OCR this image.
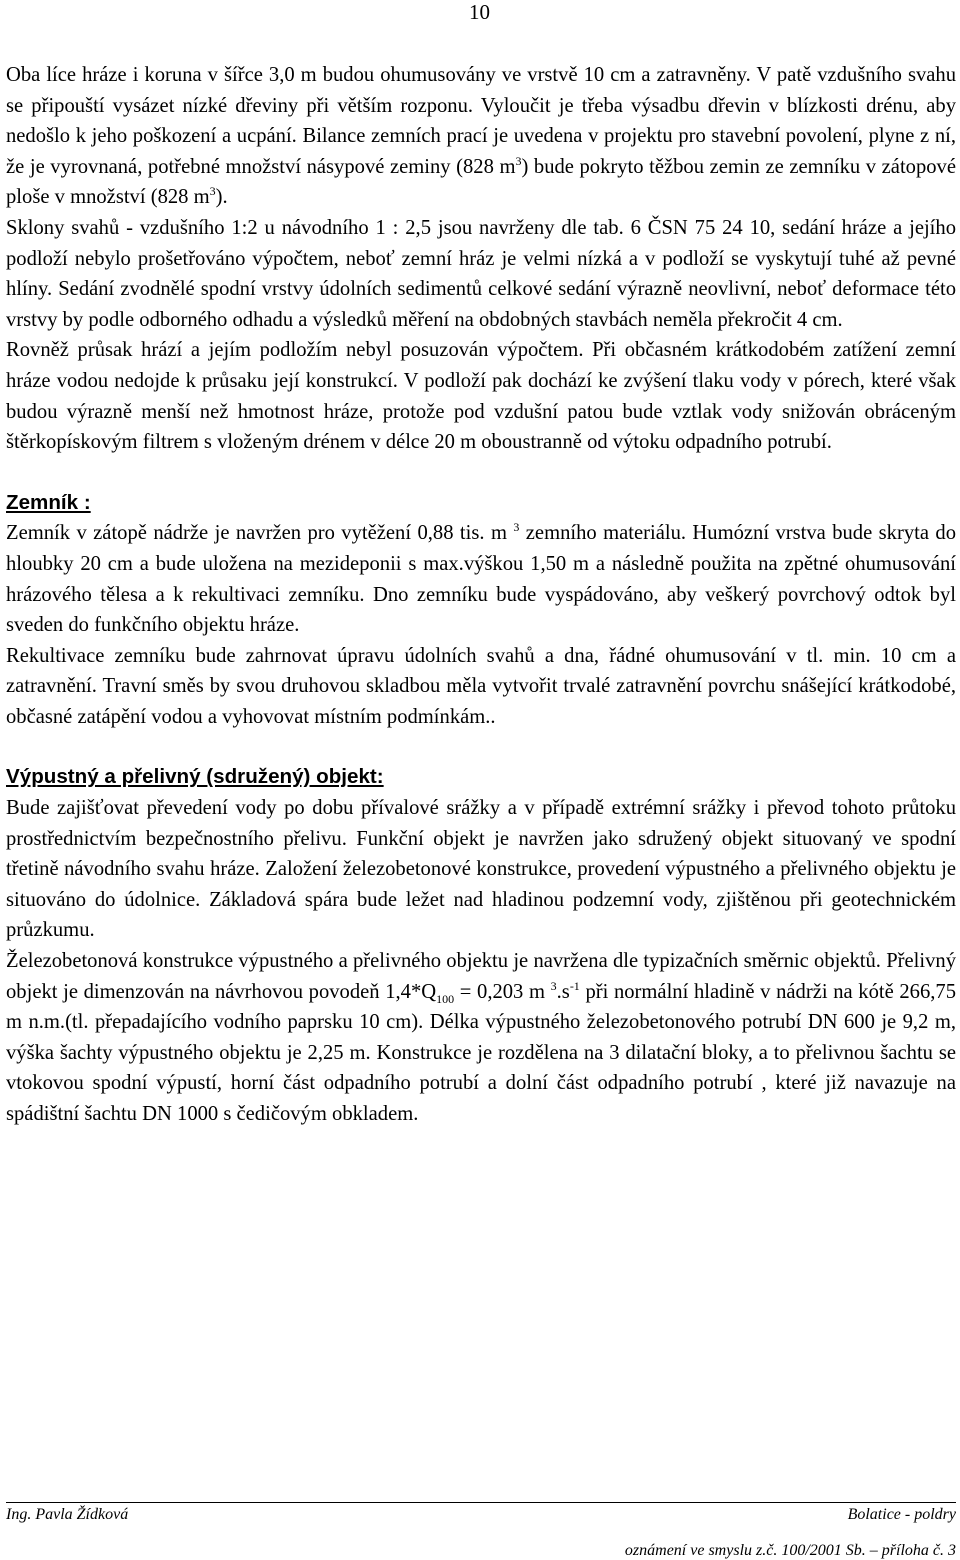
10

Oba líce hráze i koruna v šířce 3,0 m budou ohumusovány ve vrstvě 10 cm a zatravněny. V patě vzdušního svahu se připouští vysázet nízké dřeviny při větším rozponu. Vyloučit je třeba výsadbu dřevin v blízkosti drénu, aby nedošlo k jeho poškození a ucpání. Bilance zemních prací je uvedena v projektu pro stavební povolení, plyne z ní, že je vyrovnaná, potřebné množství násypové zeminy (828 $m^3$) bude pokryto těžbou zemin ze zemníku v zátopové ploše v množství (828 $m^3$).

Sklony svahů - vzdušního 1:2 u návodního 1 : 2,5 jsou navrženy dle tab. 6 ČSN 75 24 10, sedání hráze a jejího podloží nebylo prošetřováno výpočtem, neboť zemní hráz je velmi nízká a v podloží se vyskytují tuhé až pevné hlíny. Sedání zvodnělé spodní vrstvy údolních sedimentů celkové sedání výrazně neovlivní, neboť deformace této vrstvy by podle odborného odhadu a výsledků měření na obdobných stavbách neměla překročit 4 cm.

Rovněž průsak hrází a jejím podložím nebyl posuzován výpočtem. Při občasném krátkodobém zatížení zemní hráze vodou nedojde k průsaku její konstrukcí. V podloží pak dochází ke zvýšení tlaku vody v pórech, které však budou výrazně menší než hmotnost hráze, protože pod vzdušní patou bude vztlak vody snižován obráceným štěrkopískovým filtrem s vloženým drénem v délce 20 m oboustranně od výtoku odpadního potrubí.

Zemník :

Zemník v zátopě nádrže je navržen pro vytěžení 0,88 tis. m $^3$ zemního materiálu. Humózní vrstva bude skryta do hloubky 20 cm a bude uložena na mezideponii s max.výškou 1,50 m a následně použita na zpětné ohumusování hrázového tělesa a k rekultivaci zemníku. Dno zemníku bude vyspádováno, aby veškerý povrchový odtok byl sveden do funkčního objektu hráze.

Rekultivace zemníku bude zahrnovat úpravu údolních svahů a dna, řádné ohumusování v tl. min. 10 cm a zatravnění. Travní směs by svou druhovou skladbou měla vytvořit trvalé zatravnění povrchu snášející krátkodobé, občasné zatápění vodou a vyhovovat místním podmínkám..

Výpustný a přelivný (sdružený) objekt:

Bude zajišťovat převedení vody po dobu přívalové srážky a v případě extrémní srážky i převod tohoto průtoku prostřednictvím bezpečnostního přelivu. Funkční objekt je navržen jako sdružený objekt situovaný ve spodní třetině návodního svahu hráze. Založení železobetonové konstrukce, provedení výpustného a přelivného objektu je situováno do údolnice. Základová spára bude ležet nad hladinou podzemní vody, zjištěnou při geotechnickém průzkumu.

Železobetonová konstrukce výpustného a přelivného objektu je navržena dle typizačních směrnic objektů. Přelivný objekt je dimenzován na návrhovou povodeň $1,4*Q_{100} = 0,203$ m $^3.s^{-1}$ při normální hladině v nádrži na kótě 266,75 m n.m.(tl. přepadajícího vodního paprsku 10 cm). Délka výpustného železobetonového potrubí DN 600 je 9,2 m, výška šachty výpustného objektu je 2,25 m. Konstrukce je rozdělena na 3 dilatační bloky, a to přelivnou šachtu se vtokovou spodní výpustí, horní část odpadního potrubí a dolní část odpadního potrubí , které již navazuje na spádištní šachtu DN 1000 s čedičovým obkladem.

Ing. Pavla Žídková	Bolatice - poldry
oznámení ve smyslu z.č. 100/2001 Sb. – příloha č. 3
